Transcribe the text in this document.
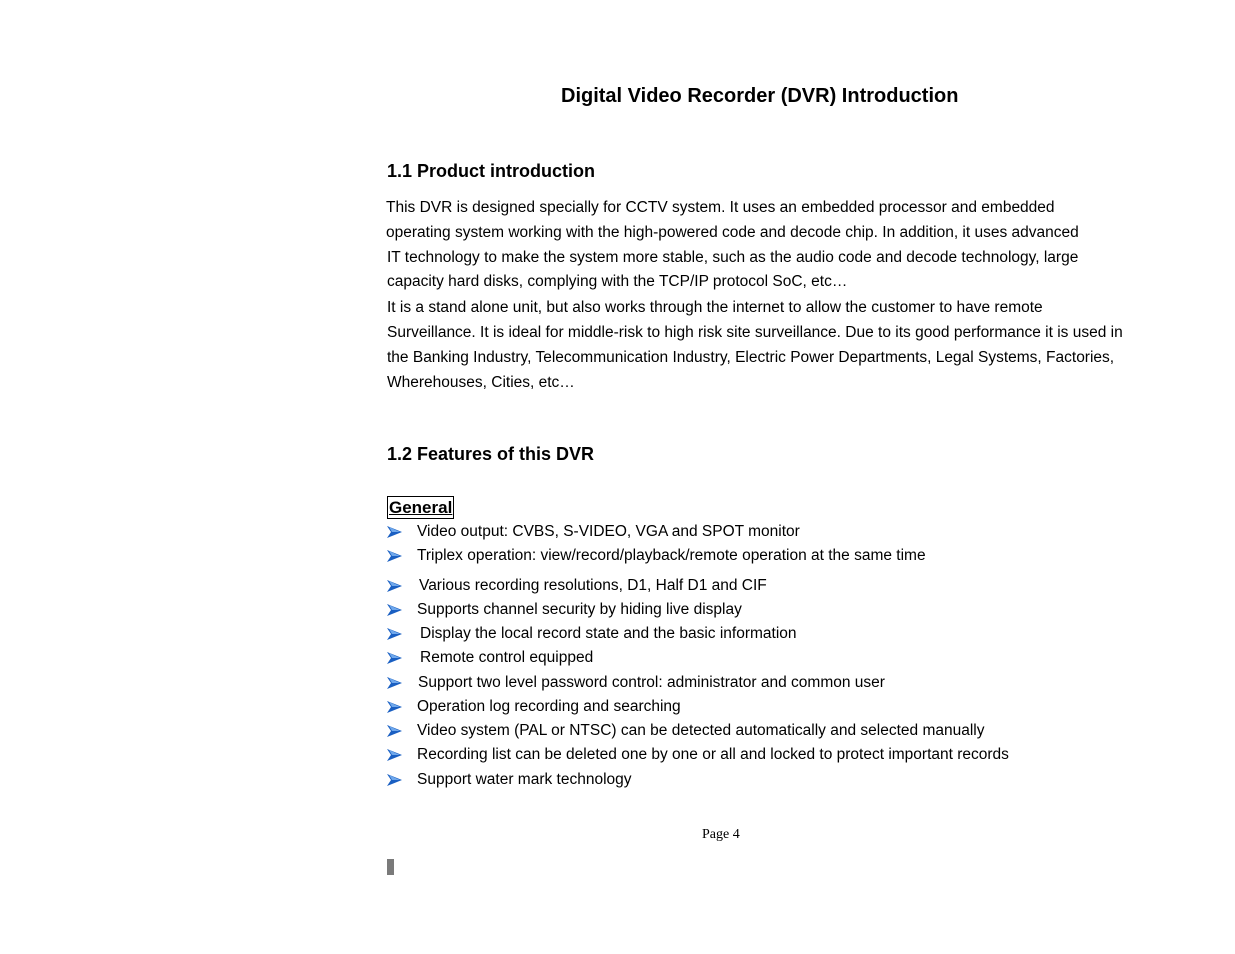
Digital Video Recorder (DVR) Introduction
1.1 Product introduction
This DVR is designed specially for CCTV system. It uses an embedded processor and embedded
operating system working with the high-powered code and decode chip. In addition, it uses advanced
IT technology to make the system more stable, such as the audio code and decode technology, large
capacity hard disks, complying with the TCP/IP protocol SoC, etc…
It is a stand alone unit, but also works through the internet to allow the customer to have remote
Surveillance. It is ideal for middle-risk to high risk site surveillance. Due to its good performance it is used in
the Banking Industry, Telecommunication Industry, Electric Power Departments, Legal Systems, Factories,
Wherehouses, Cities, etc…
1.2 Features of this DVR
General
Video output: CVBS, S-VIDEO, VGA and SPOT monitor
Triplex operation: view/record/playback/remote operation at the same time
Various recording resolutions, D1, Half D1 and CIF
Supports channel security by hiding live display
Display the local record state and the basic information
Remote control equipped
Support two level password control: administrator and common user
Operation log recording and searching
Video system (PAL or NTSC) can be detected automatically and selected manually
Recording list can be deleted one by one or all and locked to protect important records
Support water mark technology
Page 4
